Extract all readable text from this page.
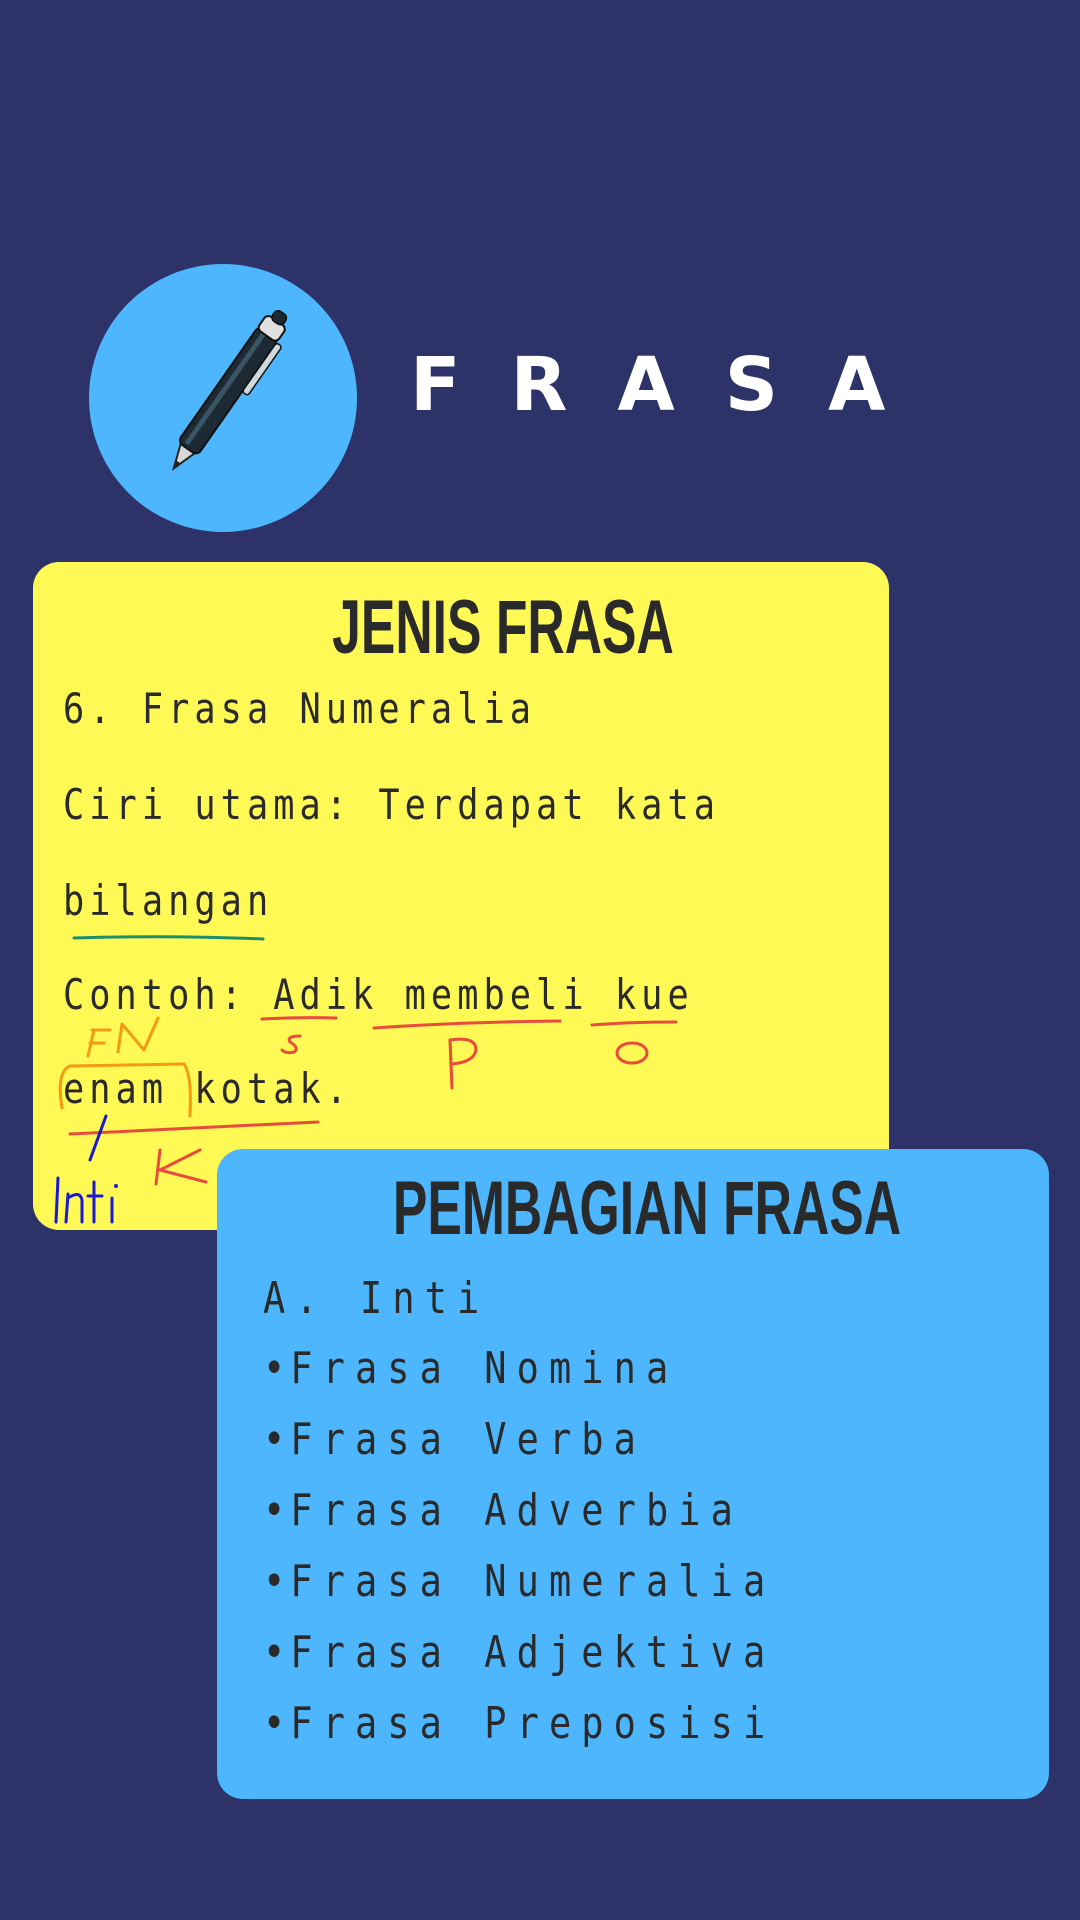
FRASA
JENIS FRASA
6. Frasa Numeralia
Ciri utama: Terdapat kata
bilangan
Contoh: Adik membeli kue
enam kotak.
PEMBAGIAN FRASA
A. Inti
• Frasa Nomina
• Frasa Verba
• Frasa Adverbia
• Frasa Numeralia
• Frasa Adjektiva
• Frasa Preposisi
